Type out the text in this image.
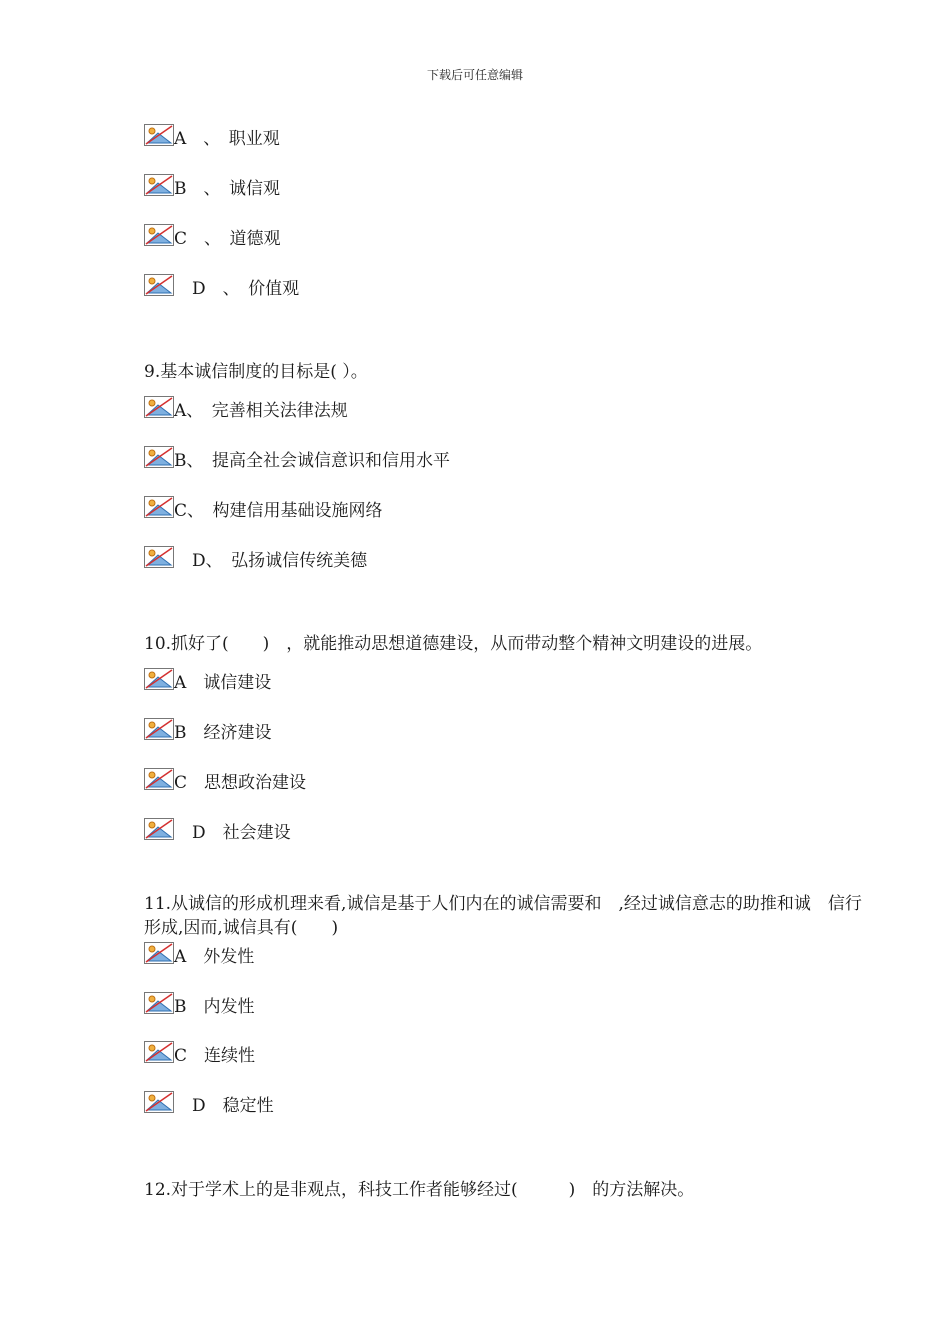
下载后可任意编辑
A　、　职业观
B　、　诚信观
C　、　道德观
D　、　价值观
9.基本诚信制度的目标是( ）。
A、　完善相关法律法规
B、　提高全社会诚信意识和信用水平
C、　构建信用基础设施网络
D、　弘扬诚信传统美德
10.抓好了(　　)　，就能推动思想道德建设，从而带动整个精神文明建设的进展。
A　诚信建设
B　经济建设
C　思想政治建设
D　社会建设
11.从诚信的形成机理来看,诚信是基于人们内在的诚信需要和　,经过诚信意志的助推和诚　信行
形成,因而,诚信具有(　　)
A　外发性
B　内发性
C　连续性
D　稳定性
12.对于学术上的是非观点，科技工作者能够经过(　　　)　的方法解决。
